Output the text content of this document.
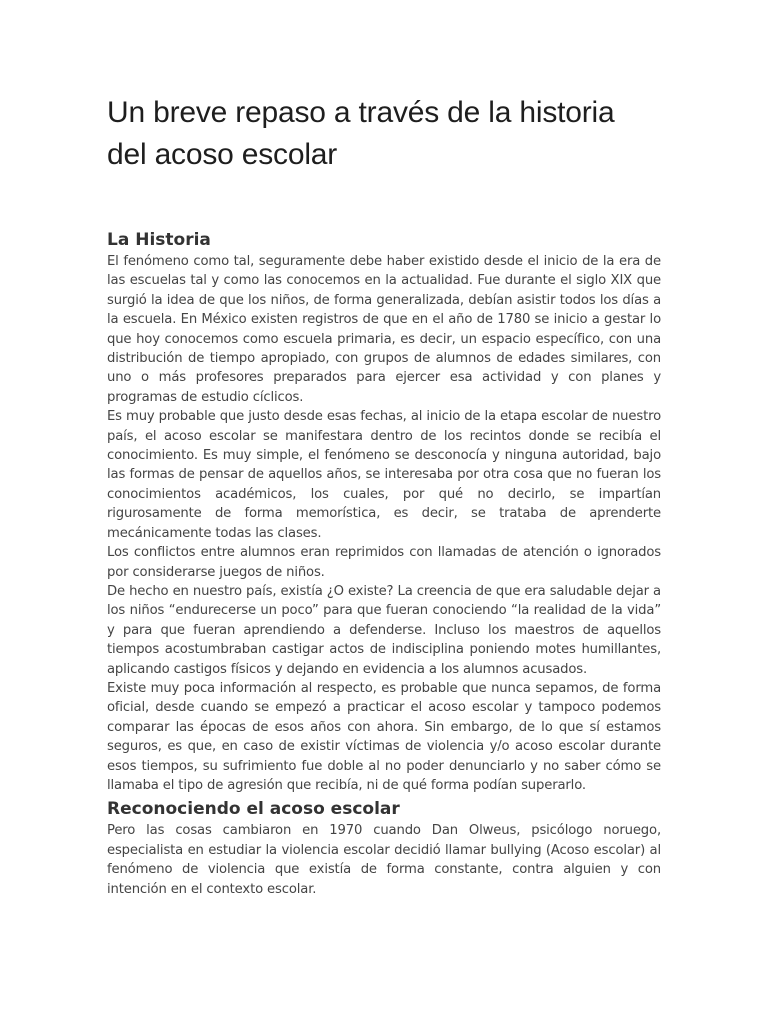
Un breve repaso a través de la historia del acoso escolar
La Historia

El fenómeno como tal, seguramente debe haber existido desde el inicio de la era de las escuelas tal y como las conocemos en la actualidad. Fue durante el siglo XIX que surgió la idea de que los niños, de forma generalizada, debían asistir todos los días a la escuela. En México existen registros de que en el año de 1780 se inicio a gestar lo que hoy conocemos como escuela primaria, es decir, un espacio específico, con una distribución de tiempo apropiado, con grupos de alumnos de edades similares, con uno o más profesores preparados para ejercer esa actividad y con planes y programas de estudio cíclicos.

Es muy probable que justo desde esas fechas, al inicio de la etapa escolar de nuestro país, el acoso escolar se manifestara dentro de los recintos donde se recibía el conocimiento. Es muy simple, el fenómeno se desconocía y ninguna autoridad, bajo las formas de pensar de aquellos años, se interesaba por otra cosa que no fueran los conocimientos académicos, los cuales, por qué no decirlo, se impartían rigurosamente de forma memorística, es decir, se trataba de aprenderte mecánicamente todas las clases.

Los conflictos entre alumnos eran reprimidos con llamadas de atención o ignorados por considerarse juegos de niños.

De hecho en nuestro país, existía ¿O existe? La creencia de que era saludable dejar a los niños “endurecerse un poco” para que fueran conociendo “la realidad de la vida” y para que fueran aprendiendo a defenderse. Incluso los maestros de aquellos tiempos acostumbraban castigar actos de indisciplina poniendo motes humillantes, aplicando castigos físicos y dejando en evidencia a los alumnos acusados.

Existe muy poca información al respecto, es probable que nunca sepamos, de forma oficial, desde cuando se empezó a practicar el acoso escolar y tampoco podemos comparar las épocas de esos años con ahora. Sin embargo, de lo que sí estamos seguros, es que, en caso de existir víctimas de violencia y/o acoso escolar durante esos tiempos, su sufrimiento fue doble al no poder denunciarlo y no saber cómo se llamaba el tipo de agresión que recibía, ni de qué forma podían superarlo.

Reconociendo el acoso escolar

Pero las cosas cambiaron en 1970 cuando Dan Olweus, psicólogo noruego, especialista en estudiar la violencia escolar decidió llamar bullying (Acoso escolar) al fenómeno de violencia que existía de forma constante, contra alguien y con intención en el contexto escolar.
